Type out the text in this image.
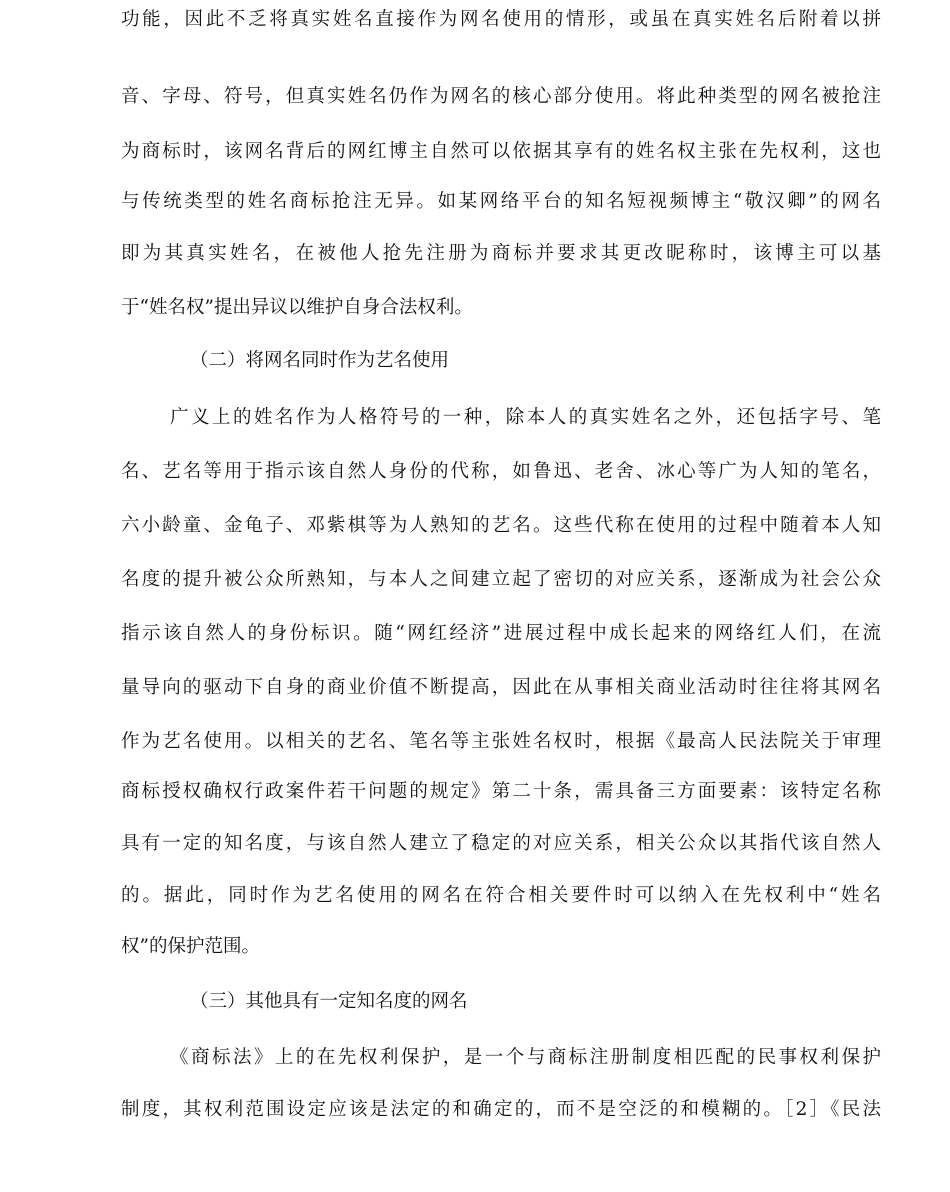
功能，因此不乏将真实姓名直接作为网名使用的情形，或虽在真实姓名后附着以拼
音、字母、符号，但真实姓名仍作为网名的核心部分使用。将此种类型的网名被抢注
为商标时，该网名背后的网红博主自然可以依据其享有的姓名权主张在先权利，这也
与传统类型的姓名商标抢注无异。如某网络平台的知名短视频博主“敬汉卿”的网名
即为其真实姓名，在被他人抢先注册为商标并要求其更改昵称时，该博主可以基
于“姓名权”提出异议以维护自身合法权利。
（二）将网名同时作为艺名使用
广义上的姓名作为人格符号的一种，除本人的真实姓名之外，还包括字号、笔
名、艺名等用于指示该自然人身份的代称，如鲁迅、老舍、冰心等广为人知的笔名，
六小龄童、金龟子、邓紫棋等为人熟知的艺名。这些代称在使用的过程中随着本人知
名度的提升被公众所熟知，与本人之间建立起了密切的对应关系，逐渐成为社会公众
指示该自然人的身份标识。随“网红经济”进展过程中成长起来的网络红人们，在流
量导向的驱动下自身的商业价值不断提高，因此在从事相关商业活动时往往将其网名
作为艺名使用。以相关的艺名、笔名等主张姓名权时，根据《最高人民法院关于审理
商标授权确权行政案件若干问题的规定》第二十条，需具备三方面要素：该特定名称
具有一定的知名度，与该自然人建立了稳定的对应关系，相关公众以其指代该自然人
的。据此，同时作为艺名使用的网名在符合相关要件时可以纳入在先权利中“姓名
权”的保护范围。
（三）其他具有一定知名度的网名
《商标法》上的在先权利保护，是一个与商标注册制度相匹配的民事权利保护
制度，其权利范围设定应该是法定的和确定的，而不是空泛的和模糊的。［2］《民法
